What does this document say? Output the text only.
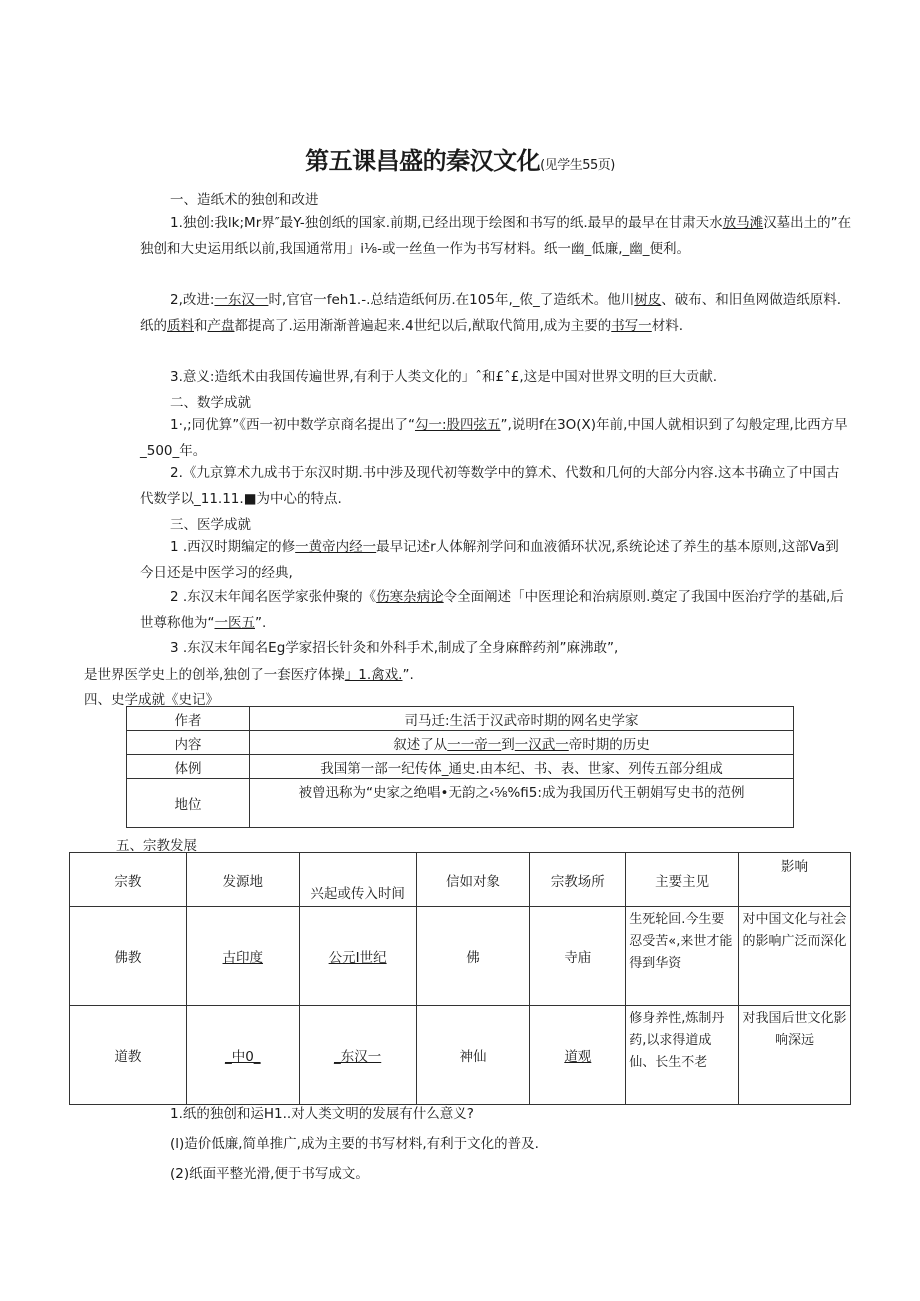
第五课昌盛的秦汉文化(见学生55页)
一、造纸术的独创和改进
1.独创:我lk;Mr界″最Y-独创纸的国家.前期,已经出现于绘图和书写的纸.最早的最早在甘肃天水放马滩汉墓出土的”在独创和大史运用纸以前,我国通常用」i⅛-或一丝鱼一作为书写材料。纸一幽_低廉,_幽_便利。
2,改进:一东汉一时,官官一feh1.-.总结造纸何历.在105年,_侬_了造纸术。他川树皮、破布、和旧鱼网做造纸原料.纸的质料和产盘都提高了.运用渐渐普遍起来.4世纪以后,猷取代简用,成为主要的书写一材料.
3.意义:造纸术由我国传遍世界,有利于人类文化的」ˆ和£ˆ£,这是中国对世界文明的巨大贡献.
二、数学成就
1·,;同优算”《西一初中数学京商名提出了“勾一:股四弦五”,说明f在3O(X)年前,中国人就相识到了勾般定理,比西方早_500_年。
2.《九京算术九成书于东汉时期.书中涉及现代初等数学中的算术、代数和几何的大部分内容.这本书确立了中国古代数学以_11.11.■为中心的特点.
三、医学成就
1 .西汉时期编定的修一黄帝内经一最早记述r人体解剂学问和血液循环状况,系统论述了养生的基本原则,这部Va到今日还是中医学习的经典,
2 .东汉末年闻名医学家张仲聚的《伤寒杂病论令全面阐述「中医理论和治病原则.奠定了我国中医治疗学的基础,后世尊称他为“一医五”.
3 .东汉末年闻名Eg学家招长针灸和外科手术,制成了全身麻醉药剂”麻沸敢”,
是世界医学史上的创举,独创了一套医疗体操」1.禽戏.”.
四、史学成就《史记》
作者	司马迁:生活于汉武帝时期的网名史学家
内容	叙述了从一一帝一到一汉武一帝时期的历史
体例	我国第一部一纪传体_通史.由本纪、书、表、世家、列传五部分组成
地位	被曾迅称为“史家之绝唱•无韵之‹⅝%fi5:成为我国历代王朝娟写史书的范例
五、宗教发展
宗教	发源地	兴起或传入时间	信如对象	宗教场所	主要主见	影响
佛教	古印度	公元I世纪	佛	寺庙	生死轮回.今生要忍受苦«,来世才能得到华资	对中国文化与社会的影响广泛而深化
道教	_中0_	_东汉一	神仙	道观	修身养性,炼制丹药,以求得道成仙、长生不老	对我国后世文化影响深远
1.纸的独创和运H1..对人类文明的发展有什么意义?
(l)造价低廉,简单推广,成为主要的书写材料,有利于文化的普及.
(2)纸面平整光滑,便于书写成文。
